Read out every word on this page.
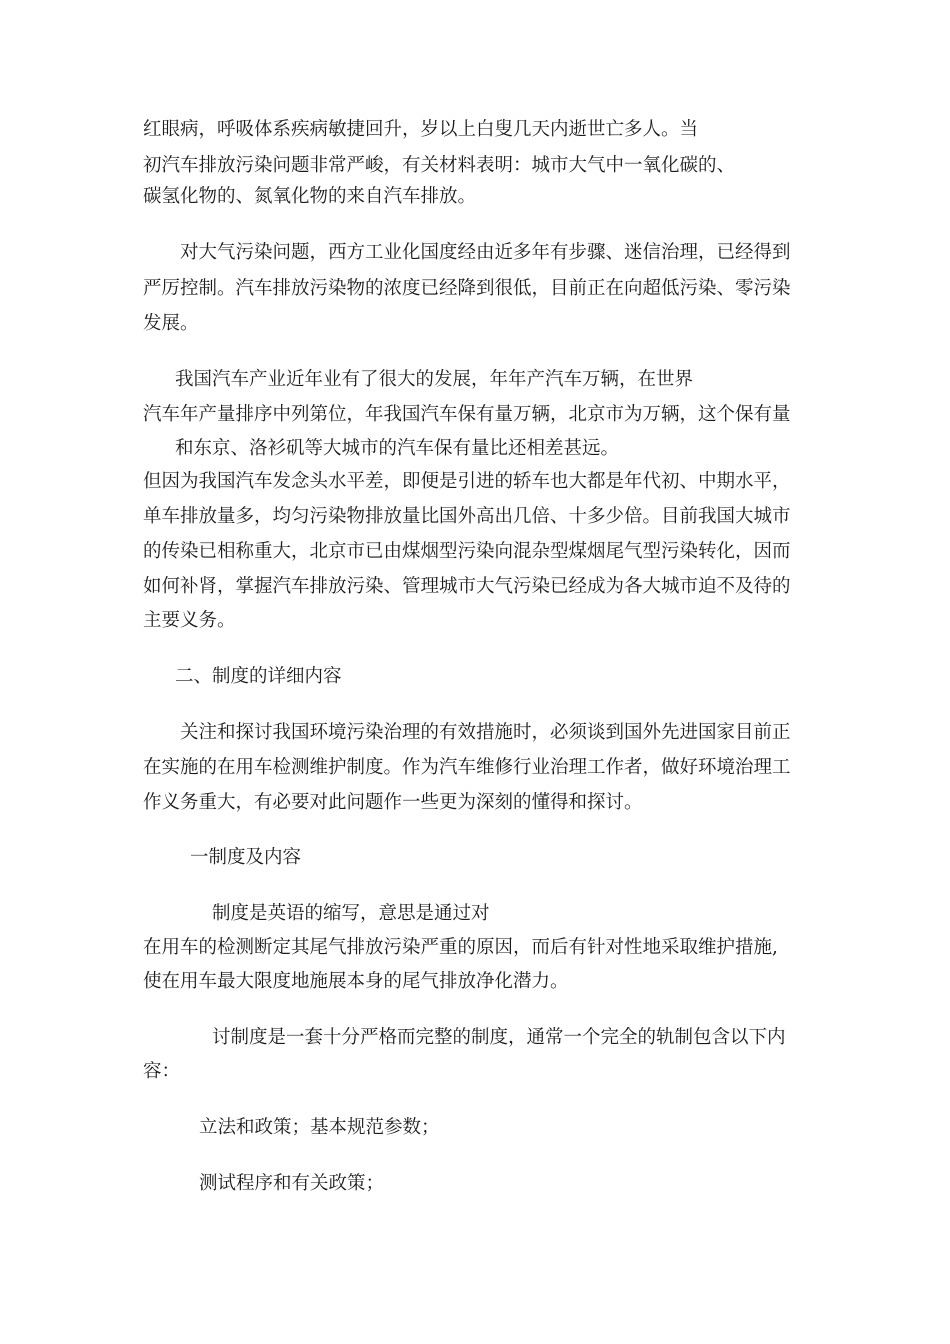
红眼病，呼吸体系疾病敏捷回升，岁以上白叟几天内逝世亡多人。当
初汽车排放污染问题非常严峻，有关材料表明：城市大气中一氧化碳的、
碳氢化物的、氮氧化物的来自汽车排放。
对大气污染问题，西方工业化国度经由近多年有步骤、迷信治理，已经得到
严厉控制。汽车排放污染物的浓度已经降到很低，目前正在向超低污染、零污染
发展。
我国汽车产业近年业有了很大的发展，年年产汽车万辆，在世界
汽车年产量排序中列第位，年我国汽车保有量万辆，北京市为万辆，这个保有量
和东京、洛衫矶等大城市的汽车保有量比还相差甚远。
但因为我国汽车发念头水平差，即便是引进的轿车也大都是年代初、中期水平，
单车排放量多，均匀污染物排放量比国外高出几倍、十多少倍。目前我国大城市
的传染已相称重大，北京市已由煤烟型污染向混杂型煤烟尾气型污染转化，因而
如何补肾，掌握汽车排放污染、管理城市大气污染已经成为各大城市迫不及待的
主要义务。
二、制度的详细内容
关注和探讨我国环境污染治理的有效措施时，必须谈到国外先进国家目前正
在实施的在用车检测维护制度。作为汽车维修行业治理工作者，做好环境治理工
作义务重大，有必要对此问题作一些更为深刻的懂得和探讨。
一制度及内容
制度是英语的缩写，意思是通过对
在用车的检测断定其尾气排放污染严重的原因，而后有针对性地采取维护措施,
使在用车最大限度地施展本身的尾气排放净化潜力。
讨制度是一套十分严格而完整的制度，通常一个完全的轨制包含以下内
容：
立法和政策；基本规范参数；
测试程序和有关政策；
